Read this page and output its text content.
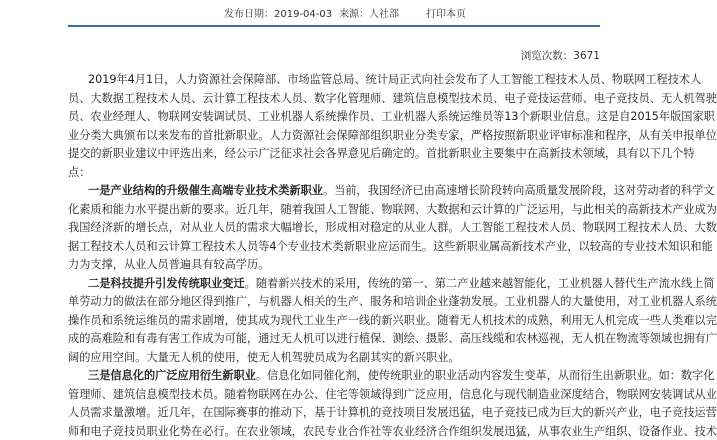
发布日期：2019-04-03 来源：人社部	打印本页
浏览次数：3671
2019年4月1日，人力资源社会保障部、市场监管总局、统计局正式向社会发布了人工智能工程技术人员、物联网工程技术人
员、大数据工程技术人员、云计算工程技术人员、数字化管理师、建筑信息模型技术员、电子竞技运营师、电子竞技员、无人机驾驶
员、农业经理人、物联网安装调试员、工业机器人系统操作员、工业机器人系统运维员等13个新职业信息。这是自2015年版国家职
业分类大典颁布以来发布的首批新职业。人力资源社会保障部组织职业分类专家，严格按照新职业评审标准和程序，从有关申报单位
提交的新职业建议中评选出来，经公示广泛征求社会各界意见后确定的。首批新职业主要集中在高新技术领域，具有以下几个特
点：
一是产业结构的升级催生高端专业技术类新职业。当前，我国经济已由高速增长阶段转向高质量发展阶段，这对劳动者的科学文
化素质和能力水平提出新的要求。近几年，随着我国人工智能、物联网、大数据和云计算的广泛运用，与此相关的高新技术产业成为
我国经济新的增长点，对从业人员的需求大幅增长，形成相对稳定的从业人群。人工智能工程技术人员、物联网工程技术人员、大数
据工程技术人员和云计算工程技术人员等4个专业技术类新职业应运而生。这些新职业属高新技术产业，以较高的专业技术知识和能
力为支撑，从业人员普遍具有较高学历。
二是科技提升引发传统职业变迁。随着新兴技术的采用，传统的第一、第二产业越来越智能化，工业机器人替代生产流水线上简
单劳动力的做法在部分地区得到推广，与机器人相关的生产、服务和培训企业蓬勃发展。工业机器人的大量使用，对工业机器人系统
操作员和系统运维员的需求剧增，使其成为现代工业生产一线的新兴职业。随着无人机技术的成熟，利用无人机完成一些人类难以完
成的高难险和有毒有害工作成为可能，通过无人机可以进行植保、测绘、摄影、高压线缆和农林巡视，无人机在物流等领域也拥有广
阔的应用空间。大量无人机的使用，使无人机驾驶员成为名副其实的新兴职业。
三是信息化的广泛应用衍生新职业。信息化如同催化剂，使传统职业的职业活动内容发生变革，从而衍生出新职业。如：数字化
管理师、建筑信息模型技术员。随着物联网在办公、住宅等领域得到广泛应用，信息化与现代制造业深度结合，物联网安装调试从业
人员需求量激增。近几年，在国际赛事的推动下，基于计算机的竞技项目发展迅猛，电子竞技已成为巨大的新兴产业，电子竞技运营
师和电子竞技员职业化势在必行。在农业领域，农民专业合作社等农业经济合作组织发展迅猛，从事农业生产组织、设备作业、技术
